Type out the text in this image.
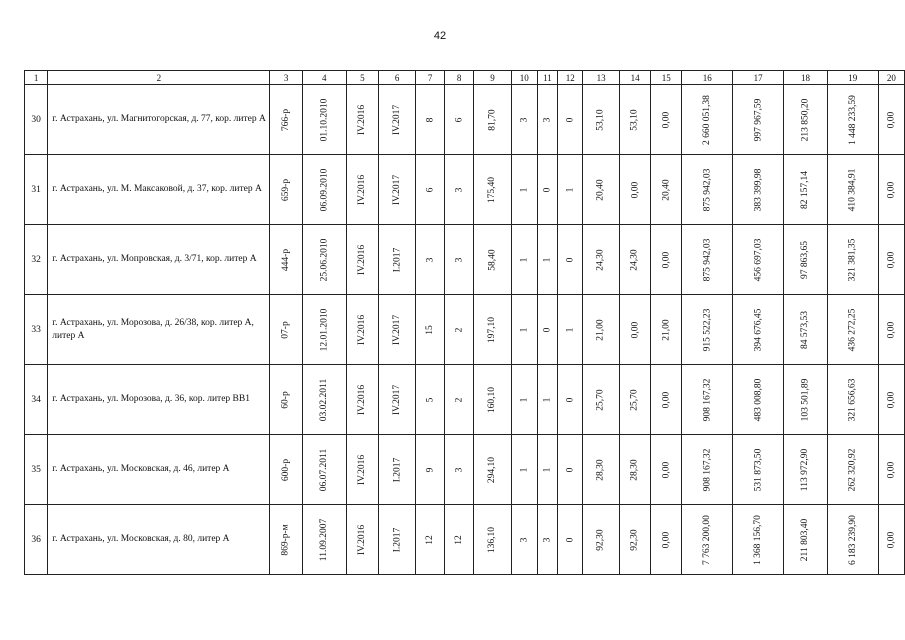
42
1	2	3	4	5	6	7	8	9	10	11	12	13	14	15	16	17	18	19	20
30	г. Астрахань, ул. Магнитогорская, д. 77, кор. литер А	766-р	01.10.2010	IV.2016	IV.2017	8	6	81,70	3	3	0	53,10	53,10	0,00	2 660 051,38	997 967,59	213 850,20	1 448 233,59	0,00
31	г. Астрахань, ул. М. Максаковой, д. 37, кор. литер А	659-р	06.09.2010	IV.2016	IV.2017	6	3	175,40	1	0	1	20,40	0,00	20,40	875 942,03	383 399,98	82 157,14	410 384,91	0,00
32	г. Астрахань, ул. Мопровская, д. 3/71, кор. литер А	444-р	25.06.2010	IV.2016	I.2017	3	3	58,40	1	1	0	24,30	24,30	0,00	875 942,03	456 697,03	97 863,65	321 381,35	0,00
33	г. Астрахань, ул. Морозова, д. 26/38, кор. литер А, литер А	07-р	12.01.2010	IV.2016	IV.2017	15	2	197,10	1	0	1	21,00	0,00	21,00	915 522,23	394 676,45	84 573,53	436 272,25	0,00
34	г. Астрахань, ул. Морозова, д. 36, кор. литер ВВ1	60-р	03.02.2011	IV.2016	IV.2017	5	2	160,10	1	1	0	25,70	25,70	0,00	908 167,32	483 008,80	103 501,89	321 656,63	0,00
35	г. Астрахань, ул. Московская, д. 46, литер А	600-р	06.07.2011	IV.2016	I.2017	9	3	294,10	1	1	0	28,30	28,30	0,00	908 167,32	531 873,50	113 972,90	262 320,92	0,00
36	г. Астрахань, ул. Московская, д. 80, литер А	869-р-м	11.09.2007	IV.2016	I.2017	12	12	136,10	3	3	0	92,30	92,30	0,00	7 763 200,00	1 368 156,70	211 803,40	6 183 239,90	0,00
